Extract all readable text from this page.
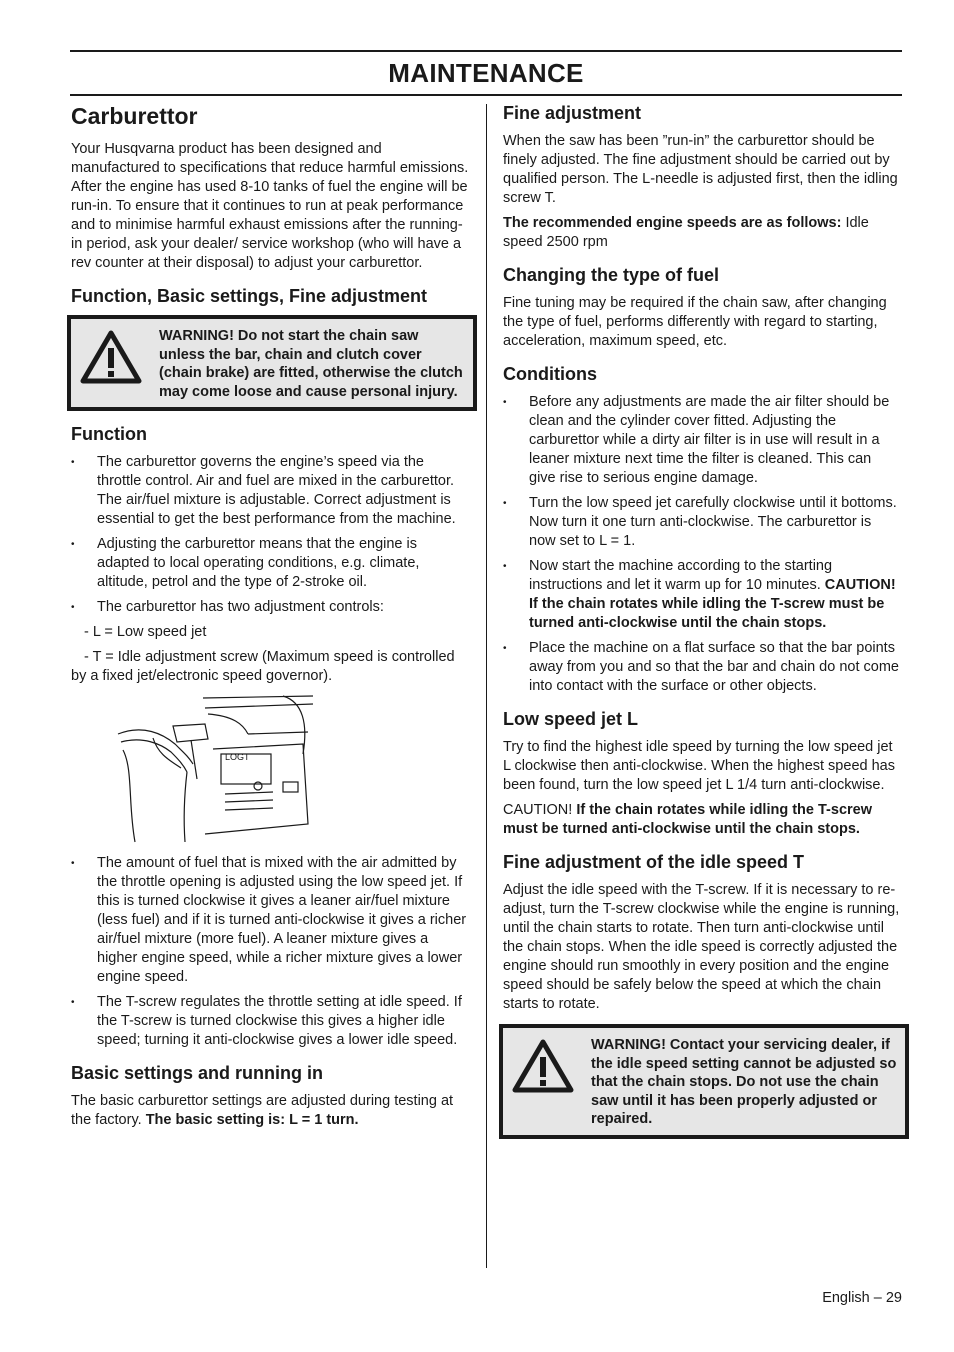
MAINTENANCE
Carburettor

Your Husqvarna product has been designed and manufactured to specifications that reduce harmful emissions. After the engine has used 8-10 tanks of fuel the engine will be run-in. To ensure that it continues to run at peak performance and to minimise harmful exhaust emissions after the running-in period, ask your dealer/ service workshop (who will have a rev counter at their disposal) to adjust your carburettor.

Function, Basic settings, Fine adjustment
WARNING! Do not start the chain saw unless the bar, chain and clutch cover (chain brake) are fitted, otherwise the clutch may come loose and cause personal injury.
Function
• The carburettor governs the engine’s speed via the throttle control. Air and fuel are mixed in the carburettor. The air/fuel mixture is adjustable. Correct adjustment is essential to get the best performance from the machine.
• Adjusting the carburettor means that the engine is adapted to local operating conditions, e.g. climate, altitude, petrol and the type of 2-stroke oil.
• The carburettor has two adjustment controls:
- L = Low speed jet
- T = Idle adjustment screw (Maximum speed is controlled by a fixed jet/electronic speed governor).
LOGT
• The amount of fuel that is mixed with the air admitted by the throttle opening is adjusted using the low speed jet. If this is turned clockwise it gives a leaner air/fuel mixture (less fuel) and if it is turned anti-clockwise it gives a richer air/fuel mixture (more fuel). A leaner mixture gives a higher engine speed, while a richer mixture gives a lower engine speed.
• The T-screw regulates the throttle setting at idle speed. If the T-screw is turned clockwise this gives a higher idle speed; turning it anti-clockwise gives a lower idle speed.
Basic settings and running in

The basic carburettor settings are adjusted during testing at the factory. The basic setting is: L = 1 turn.

Fine adjustment

When the saw has been ”run-in” the carburettor should be finely adjusted. The fine adjustment should be carried out by qualified person. The L-needle is adjusted first, then the idling screw T.

The recommended engine speeds are as follows: Idle speed 2500 rpm

Changing the type of fuel

Fine tuning may be required if the chain saw, after changing the type of fuel, performs differently with regard to starting, acceleration, maximum speed, etc.

Conditions
• Before any adjustments are made the air filter should be clean and the cylinder cover fitted. Adjusting the carburettor while a dirty air filter is in use will result in a leaner mixture next time the filter is cleaned. This can give rise to serious engine damage.
• Turn the low speed jet carefully clockwise until it bottoms. Now turn it one turn anti-clockwise. The carburettor is now set to L = 1.
• Now start the machine according to the starting instructions and let it warm up for 10 minutes. CAUTION! If the chain rotates while idling the T-screw must be turned anti-clockwise until the chain stops.
• Place the machine on a flat surface so that the bar points away from you and so that the bar and chain do not come into contact with the surface or other objects.
Low speed jet L

Try to find the highest idle speed by turning the low speed jet L clockwise then anti-clockwise. When the highest speed has been found, turn the low speed jet L 1/4 turn anti-clockwise.

CAUTION! If the chain rotates while idling the T-screw must be turned anti-clockwise until the chain stops.

Fine adjustment of the idle speed T

Adjust the idle speed with the T-screw. If it is necessary to re-adjust, turn the T-screw clockwise while the engine is running, until the chain starts to rotate. Then turn anti-clockwise until the chain stops. When the idle speed is correctly adjusted the engine should run smoothly in every position and the engine speed should be safely below the speed at which the chain starts to rotate.

WARNING! Contact your servicing dealer, if the idle speed setting cannot be adjusted so that the chain stops. Do not use the chain saw until it has been properly adjusted or repaired.
English – 29
